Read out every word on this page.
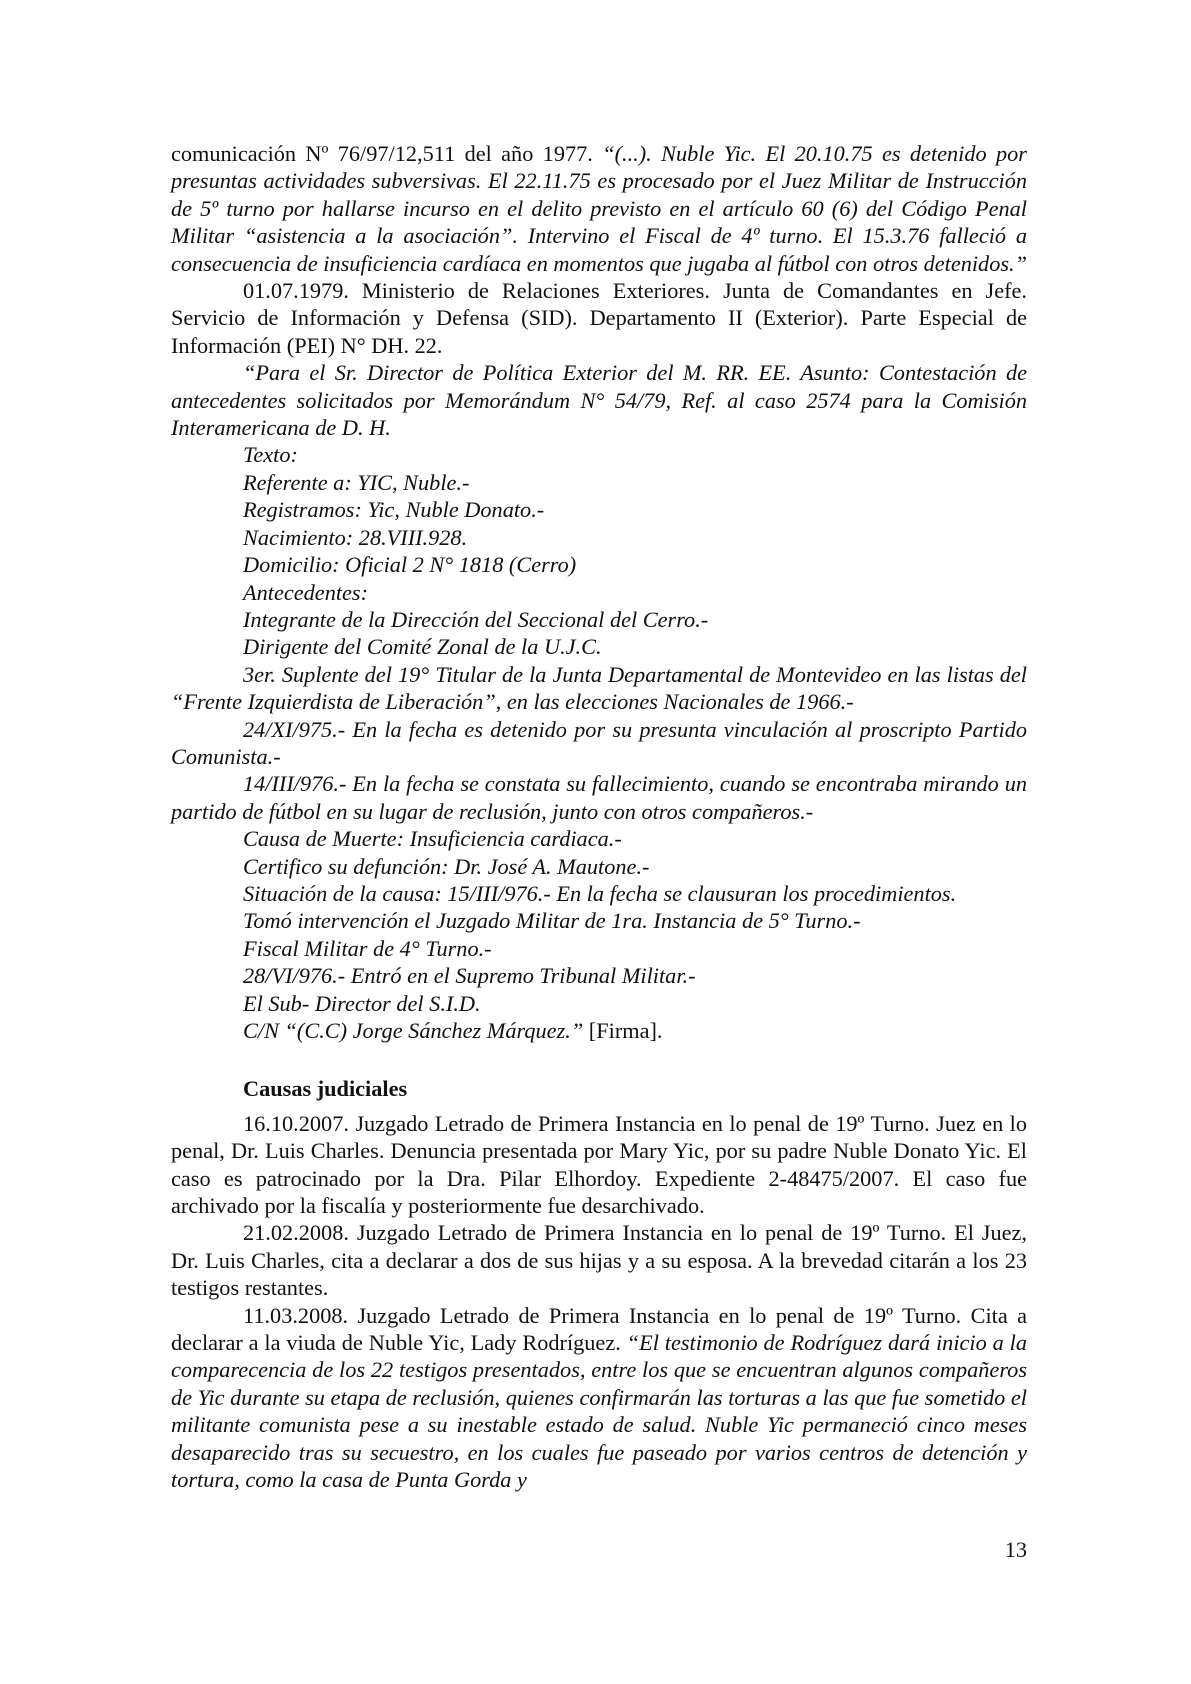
comunicación Nº 76/97/12,511 del año 1977. “(...). Nuble Yic. El 20.10.75 es detenido por presuntas actividades subversivas. El 22.11.75 es procesado por el Juez Militar de Instrucción de 5º turno por hallarse incurso en el delito previsto en el artículo 60 (6) del Código Penal Militar “asistencia a la asociación”. Intervino el Fiscal de 4º turno. El 15.3.76 falleció a consecuencia de insuficiencia cardíaca en momentos que jugaba al fútbol con otros detenidos.”

01.07.1979. Ministerio de Relaciones Exteriores. Junta de Comandantes en Jefe. Servicio de Información y Defensa (SID). Departamento II (Exterior). Parte Especial de Información (PEI) N° DH. 22.

“Para el Sr. Director de Política Exterior del M. RR. EE. Asunto: Contestación de antecedentes solicitados por Memorándum N° 54/79, Ref. al caso 2574 para la Comisión Interamericana de D. H.

Texto:

Referente a: YIC, Nuble.-

Registramos: Yic, Nuble Donato.-

Nacimiento: 28.VIII.928.

Domicilio: Oficial 2 N° 1818 (Cerro)

Antecedentes:

Integrante de la Dirección del Seccional del Cerro.-

Dirigente del Comité Zonal de la U.J.C.

3er. Suplente del 19° Titular de la Junta Departamental de Montevideo en las listas del “Frente Izquierdista de Liberación”, en las elecciones Nacionales de 1966.-

24/XI/975.- En la fecha es detenido por su presunta vinculación al proscripto Partido Comunista.-

14/III/976.- En la fecha se constata su fallecimiento, cuando se encontraba mirando un partido de fútbol en su lugar de reclusión, junto con otros compañeros.-

Causa de Muerte: Insuficiencia cardiaca.-

Certifico su defunción: Dr. José A. Mautone.-

Situación de la causa: 15/III/976.- En la fecha se clausuran los procedimientos.

Tomó intervención el Juzgado Militar de 1ra. Instancia de 5° Turno.-

Fiscal Militar de 4° Turno.-

28/VI/976.- Entró en el Supremo Tribunal Militar.-

El Sub- Director del S.I.D.

C/N “(C.C) Jorge Sánchez Márquez.” [Firma].

Causas judiciales

16.10.2007. Juzgado Letrado de Primera Instancia en lo penal de 19º Turno. Juez en lo penal, Dr. Luis Charles. Denuncia presentada por Mary Yic, por su padre Nuble Donato Yic. El caso es patrocinado por la Dra. Pilar Elhordoy. Expediente 2-48475/2007. El caso fue archivado por la fiscalía y posteriormente fue desarchivado.

21.02.2008. Juzgado Letrado de Primera Instancia en lo penal de 19º Turno. El Juez, Dr. Luis Charles, cita a declarar a dos de sus hijas y a su esposa. A la brevedad citarán a los 23 testigos restantes.

11.03.2008. Juzgado Letrado de Primera Instancia en lo penal de 19º Turno. Cita a declarar a la viuda de Nuble Yic, Lady Rodríguez. “El testimonio de Rodríguez dará inicio a la comparecencia de los 22 testigos presentados, entre los que se encuentran algunos compañeros de Yic durante su etapa de reclusión, quienes confirmarán las torturas a las que fue sometido el militante comunista pese a su inestable estado de salud. Nuble Yic permaneció cinco meses desaparecido tras su secuestro, en los cuales fue paseado por varios centros de detención y tortura, como la casa de Punta Gorda y

13
